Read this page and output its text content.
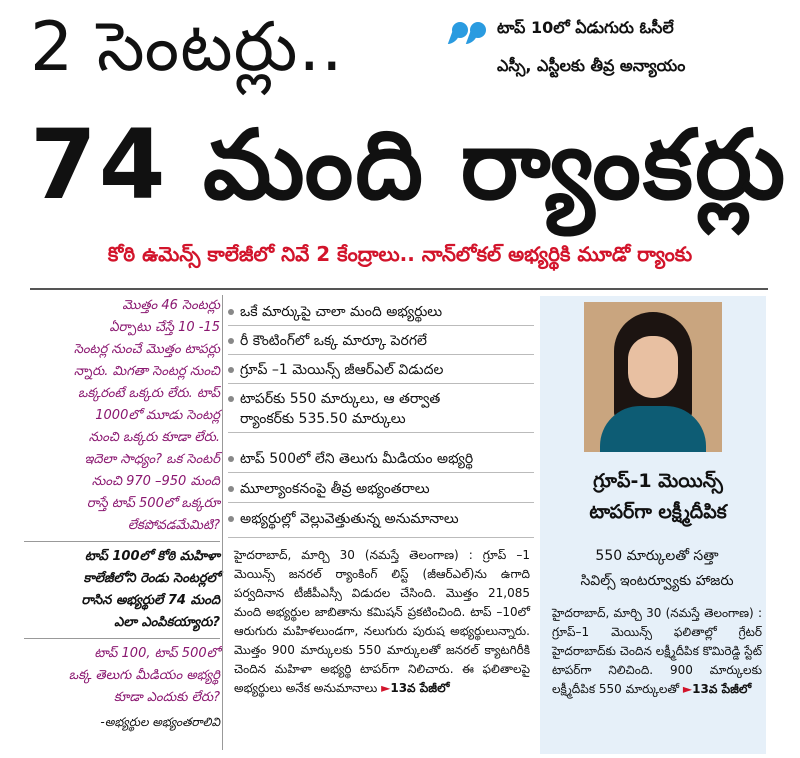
2 సెంటర్లు..	టాప్ 10లో ఏడుగురు ఓసీలే
ఎస్సీ, ఎస్టీలకు తీవ్ర అన్యాయం
74 మంది ర్యాంకర్లు
కోఠి ఉమెన్స్ కాలేజీలో నివే 2 కేంద్రాలు.. నాన్‌లోకల్ అభ్యర్థికి మూడో ర్యాంకు
మొత్తం 46 సెంటర్లు
ఏర్పాటు చేస్తే 10 -15
సెంటర్ల నుంచే మొత్తం టాపర్లు
న్నారు. మిగతా సెంటర్ల నుంచి
ఒక్కరంటే ఒక్కరు లేరు. టాప్
1000లో మూడు సెంటర్ల
నుంచి ఒక్కరు కూడా లేరు.
ఇదెలా సాధ్యం? ఒక సెంటర్
నుంచి 970 –950 మంది
రాస్తే టాప్ 500లో ఒక్కరూ
లేకపోవడమేమిటి?
టాప్ 100లో కోఠి మహిళా
కాలేజీలోని రెండు సెంటర్లలో
రాసిన అభ్యర్థులే 74 మంది
ఎలా ఎంపికయ్యారు?
టాప్ 100, టాప్ 500లో
ఒక్క తెలుగు మీడియం అభ్యర్థి
కూడా ఎందుకు లేరు?
-అభ్యర్థుల అభ్యంతరాలివి
ఒకే మార్కుపై చాలా మంది అభ్యర్థులు
రీ కౌంటింగ్‌లో ఒక్క మార్కూ పెరగలే
గ్రూప్ –1 మెయిన్స్ జీఆర్‌ఎల్ విడుదల
టాపర్‌కు 550 మార్కులు, ఆ తర్వాత
ర్యాంకర్‌కు 535.50 మార్కులు
టాప్ 500లో లేని తెలుగు మీడియం అభ్యర్థి
మూల్యాంకనంపై తీవ్ర అభ్యంతరాలు
అభ్యర్థుల్లో వెల్లువెత్తుతున్న అనుమానాలు
హైదరాబాద్, మార్చి 30 (నమస్తే తెలంగాణ) : గ్రూప్ –1 మెయిన్స్ జనరల్ ర్యాంకింగ్ లిస్ట్ (జీఆర్‌ఎల్)ను ఉగాది పర్వదినాన టీజీపీఎస్సీ విడుదల చేసింది. మొత్తం 21,085 మంది అభ్యర్థుల జాబితాను కమిషన్ ప్రకటించింది. టాప్ –10లో ఆరుగురు మహిళలుండగా, నలుగురు పురుష అభ్యర్థులున్నారు. మొత్తం 900 మార్కులకు 550 మార్కులతో జనరల్ క్యాటగిరీకి చెందిన మహిళా అభ్యర్థి టాపర్‌గా నిలిచారు. ఈ ఫలితాలపై అభ్యర్థులు అనేక అనుమానాలు ►13వ పేజీలో
గ్రూప్-1 మెయిన్స్
టాపర్‌గా లక్ష్మీదీపిక
550 మార్కులతో సత్తా
సివిల్స్ ఇంటర్వ్యూకు హాజరు
హైదరాబాద్, మార్చి 30 (నమస్తే తెలంగాణ) : గ్రూప్–1 మెయిన్స్ ఫలితాల్లో గ్రేటర్ హైదరాబాద్‌కు చెందిన లక్ష్మీదీపిక కొమిరెడ్డి స్టేట్ టాపర్‌గా నిలిచింది. 900 మార్కులకు లక్ష్మీదీపిక 550 మార్కులతో ►13వ పేజీలో
